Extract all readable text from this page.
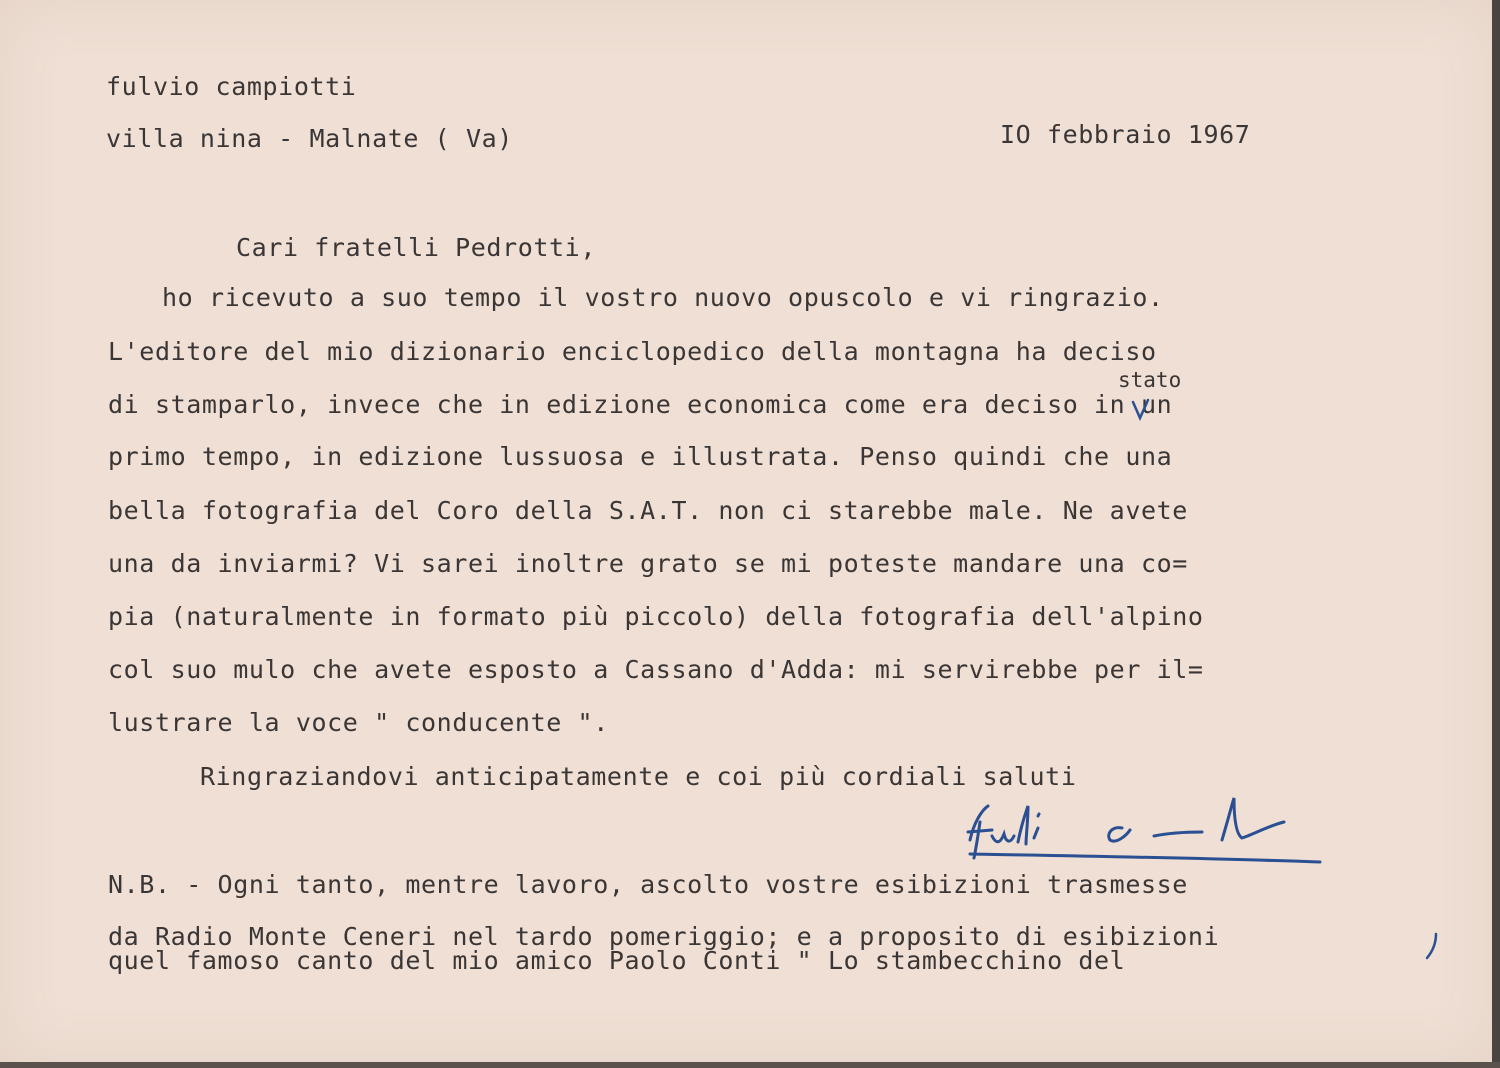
fulvio campiotti
villa nina - Malnate ( Va)	IO febbraio 1967
Cari fratelli Pedrotti,
ho ricevuto a suo tempo il vostro nuovo opuscolo e vi ringrazio.
L'editore del mio dizionario enciclopedico della montagna ha deciso
stato
di stamparlo, invece che in edizione economica come era deciso in un
primo tempo, in edizione lussuosa e illustrata. Penso quindi che una
bella fotografia del Coro della S.A.T. non ci starebbe male. Ne avete
una da inviarmi? Vi sarei inoltre grato se mi poteste mandare una co=
pia (naturalmente in formato più piccolo) della fotografia dell'alpino
col suo mulo che avete esposto a Cassano d'Adda: mi servirebbe per il=
lustrare la voce " conducente ".
Ringraziandovi anticipatamente e coi più cordiali saluti
N.B. - Ogni tanto, mentre lavoro, ascolto vostre esibizioni trasmesse
da Radio Monte Ceneri nel tardo pomeriggio; e a proposito di esibizioni
quel famoso canto del mio amico Paolo Conti " Lo stambecchino del
